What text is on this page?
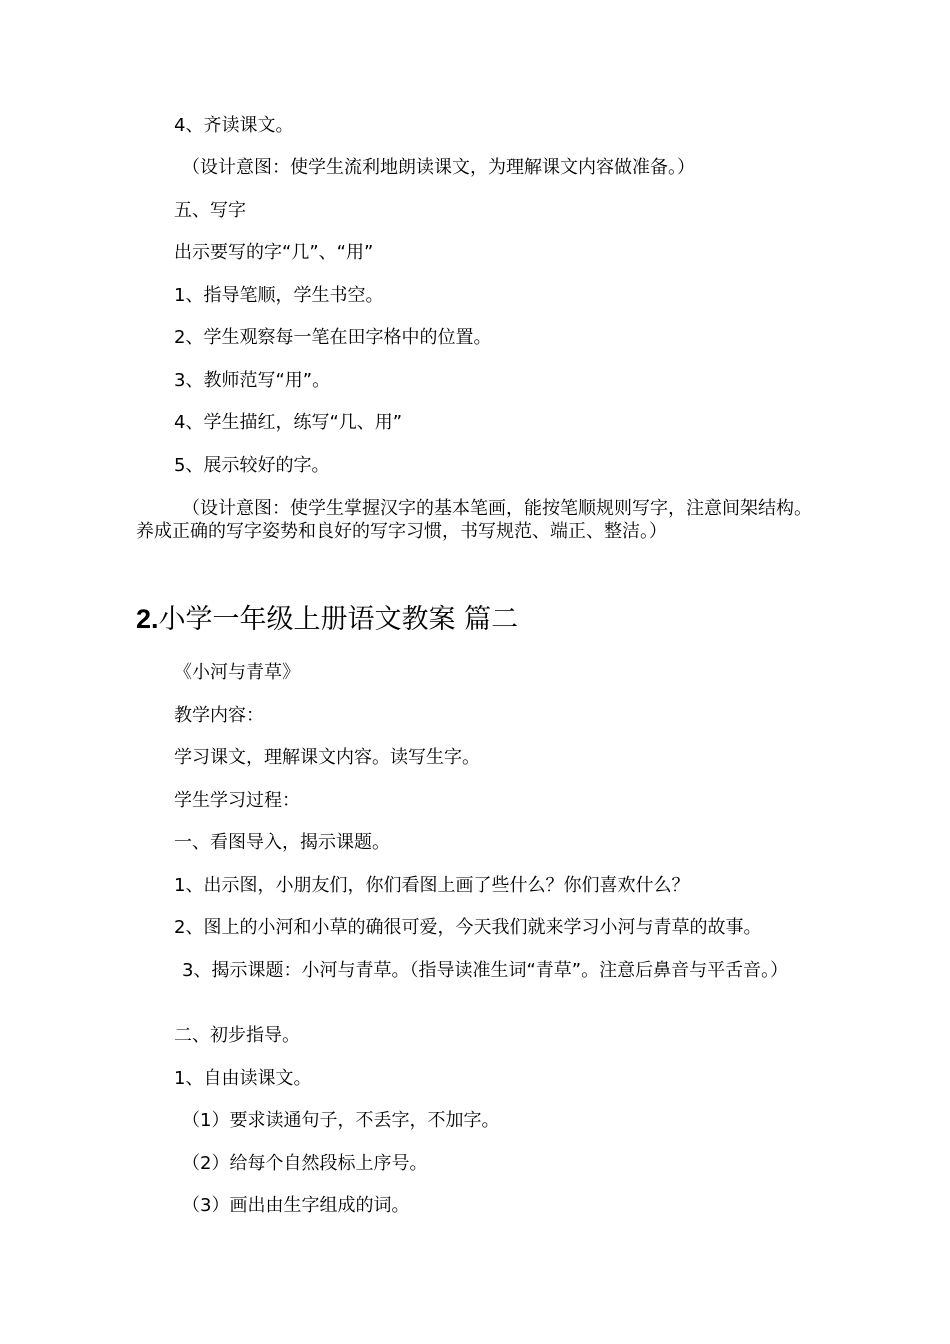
4、齐读课文。
（设计意图：使学生流利地朗读课文，为理解课文内容做准备。）
五、写字
出示要写的字“几”、“用”
1、指导笔顺，学生书空。
2、学生观察每一笔在田字格中的位置。
3、教师范写“用”。
4、学生描红，练写“几、用”
5、展示较好的字。
（设计意图：使学生掌握汉字的基本笔画，能按笔顺规则写字，注意间架结构。养成正确的写字姿势和良好的写字习惯，书写规范、端正、整洁。）
2.小学一年级上册语文教案 篇二
《小河与青草》
教学内容：
学习课文，理解课文内容。读写生字。
学生学习过程：
一、看图导入，揭示课题。
1、出示图，小朋友们，你们看图上画了些什么？你们喜欢什么？
2、图上的小河和小草的确很可爱，今天我们就来学习小河与青草的故事。
3、揭示课题：小河与青草。（指导读准生词“青草”。注意后鼻音与平舌音。）
二、初步指导。
1、自由读课文。
（1）要求读通句子，不丢字，不加字。
（2）给每个自然段标上序号。
（3）画出由生字组成的词。
